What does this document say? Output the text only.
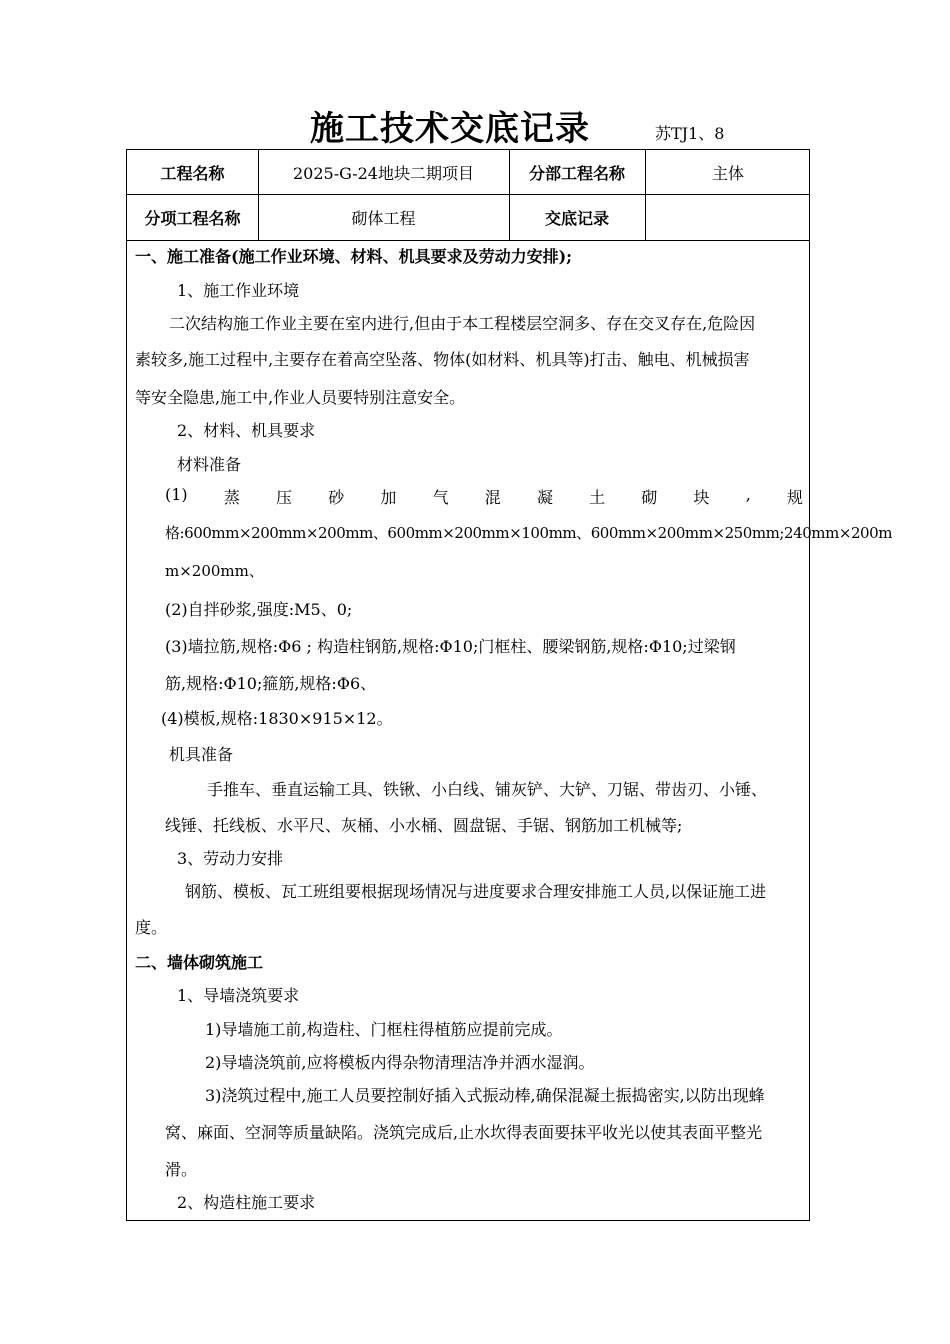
施工技术交底记录	苏TJ1、8
工程名称	2025-G-24地块二期项目	分部工程名称	主体
分项工程名称	砌体工程	交底记录
一、施工准备(施工作业环境、材料、机具要求及劳动力安排);
1、施工作业环境
二次结构施工作业主要在室内进行,但由于本工程楼层空洞多、存在交叉存在,危险因
素较多,施工过程中,主要存在着高空坠落、物体(如材料、机具等)打击、触电、机械损害
等安全隐患,施工中,作业人员要特别注意安全。
2、材料、机具要求
材料准备
(1) 蒸 压 砂 加 气 混 凝 土 砌 块 , 规
格:600mm×200mm×200mm、600mm×200mm×100mm、600mm×200mm×250mm;240mm×200m
m×200mm、
(2)自拌砂浆,强度:M5、0;
(3)墙拉筋,规格:Φ6 ; 构造柱钢筋,规格:Φ10;门框柱、腰梁钢筋,规格:Φ10;过梁钢
筋,规格:Φ10;箍筋,规格:Φ6、
(4)模板,规格:1830×915×12。
机具准备
手推车、垂直运输工具、铁锹、小白线、铺灰铲、大铲、刀锯、带齿刃、小锤、
线锤、托线板、水平尺、灰桶、小水桶、圆盘锯、手锯、钢筋加工机械等;
3、劳动力安排
钢筋、模板、瓦工班组要根据现场情况与进度要求合理安排施工人员,以保证施工进
度。
二、墙体砌筑施工
1、导墙浇筑要求
1)导墙施工前,构造柱、门框柱得植筋应提前完成。
2)导墙浇筑前,应将模板内得杂物清理洁净并洒水湿润。
3)浇筑过程中,施工人员要控制好插入式振动棒,确保混凝土振捣密实,以防出现蜂
窝、麻面、空洞等质量缺陷。浇筑完成后,止水坎得表面要抹平收光以使其表面平整光
滑。
2、构造柱施工要求
